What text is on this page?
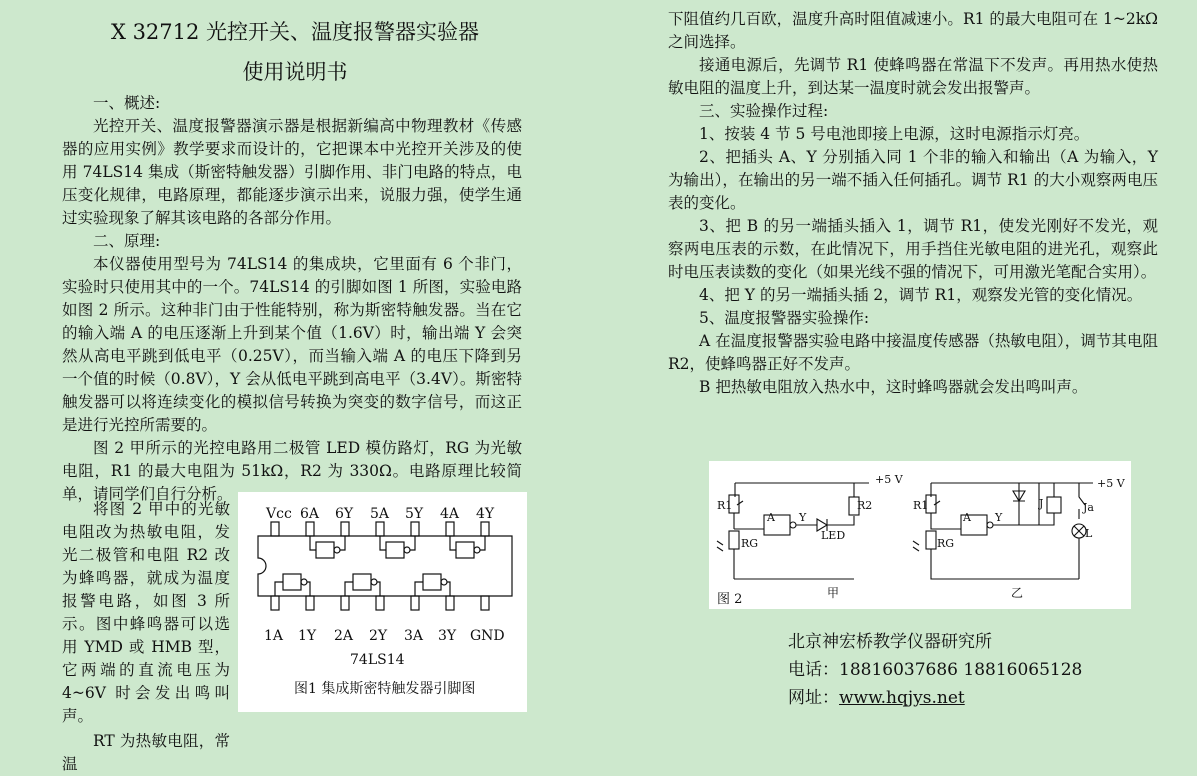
X 32712 光控开关、温度报警器实验器
使用说明书

一、概述:

光控开关、温度报警器演示器是根据新编高中物理教材《传感器的应用实例》教学要求而设计的，它把课本中光控开关涉及的使用 74LS14 集成（斯密特触发器）引脚作用、非门电路的特点，电压变化规律，电路原理，都能逐步演示出来，说服力强，使学生通过实验现象了解其该电路的各部分作用。

二、原理:

本仪器使用型号为 74LS14 的集成块，它里面有 6 个非门，实验时只使用其中的一个。74LS14 的引脚如图 1 所图，实验电路如图 2 所示。这种非门由于性能特别，称为斯密特触发器。当在它的输入端 A 的电压逐渐上升到某个值（1.6V）时，输出端 Y 会突然从高电平跳到低电平（0.25V），而当输入端 A 的电压下降到另一个值的时候（0.8V），Y 会从低电平跳到高电平（3.4V）。斯密特触发器可以将连续变化的模拟信号转换为突变的数字信号，而这正是进行光控所需要的。

图 2 甲所示的光控电路用二极管 LED 模仿路灯，RG 为光敏电阻，R1 的最大电阻为 51kΩ，R2 为 330Ω。电路原理比较简单，请同学们自行分析。

将图 2 甲中的光敏电阻改为热敏电阻，发光二极管和电阻 R2 改为蜂鸣器，就成为温度报警电路，如图 3 所示。图中蜂鸣器可以选用 YMD 或 HMB 型，它两端的直流电压为 4~6V 时会发出鸣叫声。

RT 为热敏电阻，常温

Vcc 6A 6Y 5A 5Y 4A 4Y
1A 1Y 2A 2Y 3A 3Y GND
74LS14
图1 集成斯密特触发器引脚图

下阻值约几百欧，温度升高时阻值减速小。R1 的最大电阻可在 1~2kΩ之间选择。

接通电源后，先调节 R1 使蜂鸣器在常温下不发声。再用热水使热敏电阻的温度上升，到达某一温度时就会发出报警声。

三、实验操作过程:

1、按装 4 节 5 号电池即接上电源，这时电源指示灯亮。

2、把插头 A、Y 分别插入同 1 个非的输入和输出（A 为输入，Y 为输出），在输出的另一端不插入任何插孔。调节 R1 的大小观察两电压表的变化。

3、把 B 的另一端插头插入 1，调节 R1，使发光刚好不发光，观察两电压表的示数，在此情况下，用手挡住光敏电阻的进光孔，观察此时电压表读数的变化（如果光线不强的情况下，可用激光笔配合实用）。

4、把 Y 的另一端插头插 2，调节 R1，观察发光管的变化情况。

5、温度报警器实验操作:

A 在温度报警器实验电路中接温度传感器（热敏电阻），调节其电阻 R2，使蜂鸣器正好不发声。

B 把热敏电阻放入热水中，这时蜂鸣器就会发出鸣叫声。

+5 V	+5 V
R1
RG
R2
A Y
LED
R1
RG
A Y
J	Ja
L
图 2	甲	乙
北京神宏桥教学仪器研究所
电话：18816037686 18816065128
网址：www.hqjys.net
